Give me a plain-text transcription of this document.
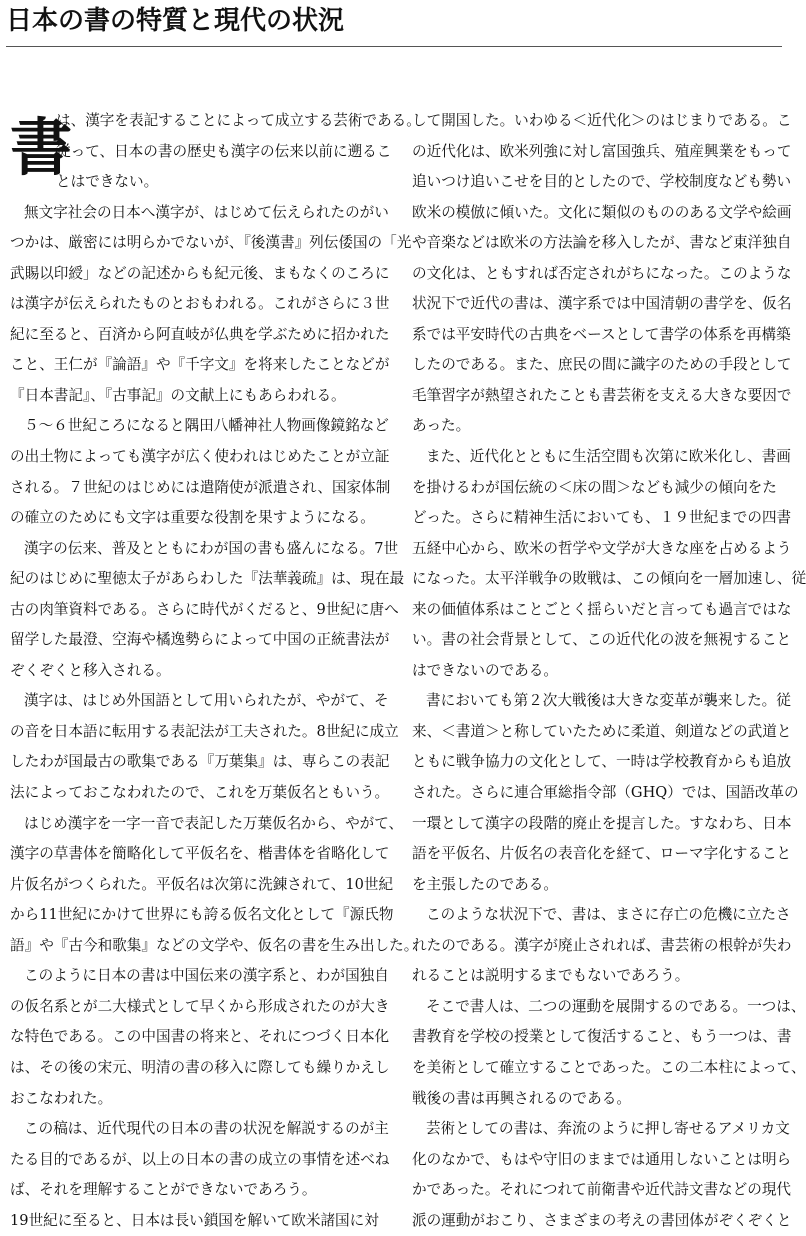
日本の書の特質と現代の状況
書
は、漢字を表記することによって成立する芸術である。
従って、日本の書の歴史も漢字の伝来以前に遡るこ
とはできない。
無文字社会の日本へ漢字が、はじめて伝えられたのがい
つかは、厳密には明らかでないが、『後漢書』列伝倭国の「光
武賜以印綬」などの記述からも紀元後、まもなくのころに
は漢字が伝えられたものとおもわれる。これがさらに３世
紀に至ると、百済から阿直岐が仏典を学ぶために招かれた
こと、王仁が『論語』や『千字文』を将来したことなどが
『日本書記』、『古事記』の文献上にもあらわれる。
５～６世紀ころになると隅田八幡神社人物画像鏡銘など
の出土物によっても漢字が広く使われはじめたことが立証
される。７世紀のはじめには遣隋使が派遣され、国家体制
の確立のためにも文字は重要な役割を果すようになる。
漢字の伝来、普及とともにわが国の書も盛んになる。7世
紀のはじめに聖徳太子があらわした『法華義疏』は、現在最
古の肉筆資料である。さらに時代がくだると、9世紀に唐へ
留学した最澄、空海や橘逸勢らによって中国の正統書法が
ぞくぞくと移入される。
漢字は、はじめ外国語として用いられたが、やがて、そ
の音を日本語に転用する表記法が工夫された。8世紀に成立
したわが国最古の歌集である『万葉集』は、専らこの表記
法によっておこなわれたので、これを万葉仮名ともいう。
はじめ漢字を一字一音で表記した万葉仮名から、やがて、
漢字の草書体を簡略化して平仮名を、楷書体を省略化して
片仮名がつくられた。平仮名は次第に洗錬されて、10世紀
から11世紀にかけて世界にも誇る仮名文化として『源氏物
語』や『古今和歌集』などの文学や、仮名の書を生み出した。
このように日本の書は中国伝来の漢字系と、わが国独自
の仮名系とが二大様式として早くから形成されたのが大き
な特色である。この中国書の将来と、それにつづく日本化
は、その後の宋元、明清の書の移入に際しても繰りかえし
おこなわれた。
この稿は、近代現代の日本の書の状況を解説するのが主
たる目的であるが、以上の日本の書の成立の事情を述べね
ば、それを理解することができないであろう。
19世紀に至ると、日本は長い鎖国を解いて欧米諸国に対
して開国した。いわゆる＜近代化＞のはじまりである。こ
の近代化は、欧米列強に対し富国強兵、殖産興業をもって
追いつけ追いこせを目的としたので、学校制度なども勢い
欧米の模倣に傾いた。文化に類似のもののある文学や絵画
や音楽などは欧米の方法論を移入したが、書など東洋独自
の文化は、ともすれば否定されがちになった。このような
状況下で近代の書は、漢字系では中国清朝の書学を、仮名
系では平安時代の古典をベースとして書学の体系を再構築
したのである。また、庶民の間に識字のための手段として
毛筆習字が熱望されたことも書芸術を支える大きな要因で
あった。
また、近代化とともに生活空間も次第に欧米化し、書画
を掛けるわが国伝統の＜床の間＞なども減少の傾向をた
どった。さらに精神生活においても、１９世紀までの四書
五経中心から、欧米の哲学や文学が大きな座を占めるよう
になった。太平洋戦争の敗戦は、この傾向を一層加速し、従
来の価値体系はことごとく揺らいだと言っても過言ではな
い。書の社会背景として、この近代化の波を無視すること
はできないのである。
書においても第２次大戦後は大きな変革が襲来した。従
来、＜書道＞と称していたために柔道、剣道などの武道と
ともに戦争協力の文化として、一時は学校教育からも追放
された。さらに連合軍総指令部（GHQ）では、国語改革の
一環として漢字の段階的廃止を提言した。すなわち、日本
語を平仮名、片仮名の表音化を経て、ローマ字化すること
を主張したのである。
このような状況下で、書は、まさに存亡の危機に立たさ
れたのである。漢字が廃止されれば、書芸術の根幹が失わ
れることは説明するまでもないであろう。
そこで書人は、二つの運動を展開するのである。一つは、
書教育を学校の授業として復活すること、もう一つは、書
を美術として確立することであった。この二本柱によって、
戦後の書は再興されるのである。
芸術としての書は、奔流のように押し寄せるアメリカ文
化のなかで、もはや守旧のままでは通用しないことは明ら
かであった。それにつれて前衛書や近代詩文書などの現代
派の運動がおこり、さまざまの考えの書団体がぞくぞくと
